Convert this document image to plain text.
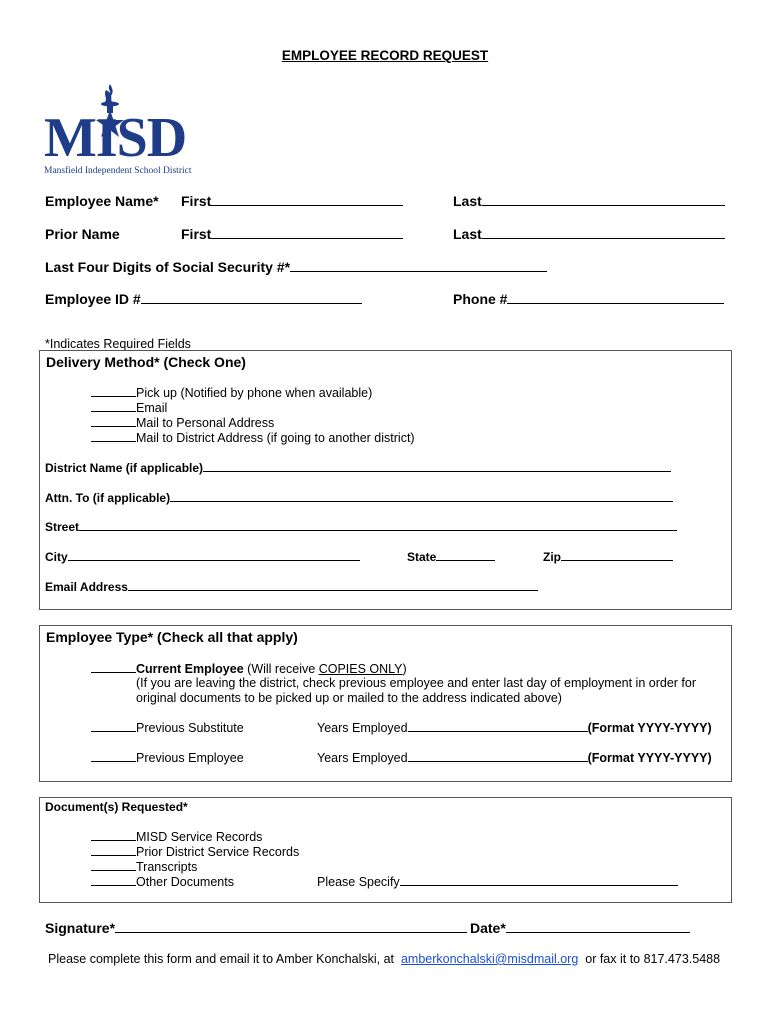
EMPLOYEE RECORD REQUEST
MISD
Mansfield Independent School District
Employee Name* First	Last
Prior Name	First	Last
Last Four Digits of Social Security #*
Employee ID #	Phone #
*Indicates Required Fields
Delivery Method* (Check One)
Pick up (Notified by phone when available)
Email
Mail to Personal Address
Mail to District Address (if going to another district)
District Name (if applicable)
Attn. To (if applicable)
Street
City	State	Zip
Email Address
Employee Type* (Check all that apply)
Current Employee (Will receive COPIES ONLY)
(If you are leaving the district, check previous employee and enter last day of employment in order for
original documents to be picked up or mailed to the address indicated above)
Previous Substitute	Years Employed	(Format YYYY-YYYY)
Previous Employee	Years Employed	(Format YYYY-YYYY)
Document(s) Requested*
MISD Service Records
Prior District Service Records
Transcripts
Other Documents	Please Specify
Signature*	Date*
Please complete this form and email it to Amber Konchalski, at amberkonchalski@misdmail.org or fax it to 817.473.5488
